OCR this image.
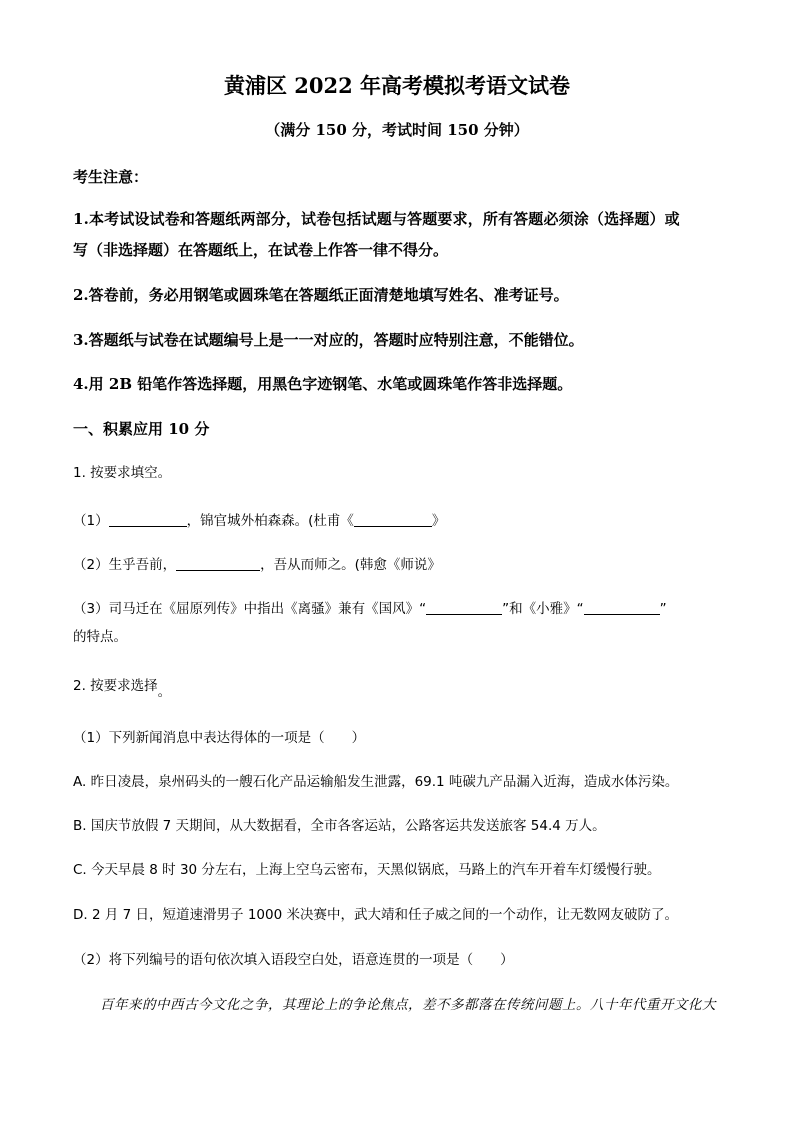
黄浦区 2022 年高考模拟考语文试卷
（满分 150 分，考试时间 150 分钟）
考生注意：
1.本考试设试卷和答题纸两部分，试卷包括试题与答题要求，所有答题必须涂（选择题）或
写（非选择题）在答题纸上，在试卷上作答一律不得分。
2.答卷前，务必用钢笔或圆珠笔在答题纸正面清楚地填写姓名、准考证号。
3.答题纸与试卷在试题编号上是一一对应的，答题时应特别注意，不能错位。
4.用 2B 铅笔作答选择题，用黑色字迹钢笔、水笔或圆珠笔作答非选择题。
一、积累应用 10 分
1. 按要求填空。
（1）	，锦官城外柏森森。(杜甫《	》
（2）生乎吾前，	，吾从而师之。(韩愈《师说》
（3）司马迁在《屈原列传》中指出《离骚》兼有《国风》“	”和《小雅》“	”
的特点。
2. 按要求选择。
（1）下列新闻消息中表达得体的一项是（　　）
A. 昨日凌晨，泉州码头的一艘石化产品运输船发生泄露，69.1 吨碳九产品漏入近海，造成水体污染。
B. 国庆节放假 7 天期间，从大数据看，全市各客运站，公路客运共发送旅客 54.4 万人。
C. 今天早晨 8 时 30 分左右，上海上空乌云密布，天黑似锅底，马路上的汽车开着车灯缓慢行驶。
D. 2 月 7 日，短道速滑男子 1000 米决赛中，武大靖和任子威之间的一个动作，让无数网友破防了。
（2）将下列编号的语句依次填入语段空白处，语意连贯的一项是（　　）
百年来的中西古今文化之争，其理论上的争论焦点，差不多都落在传统问题上。八十年代重开文化大
